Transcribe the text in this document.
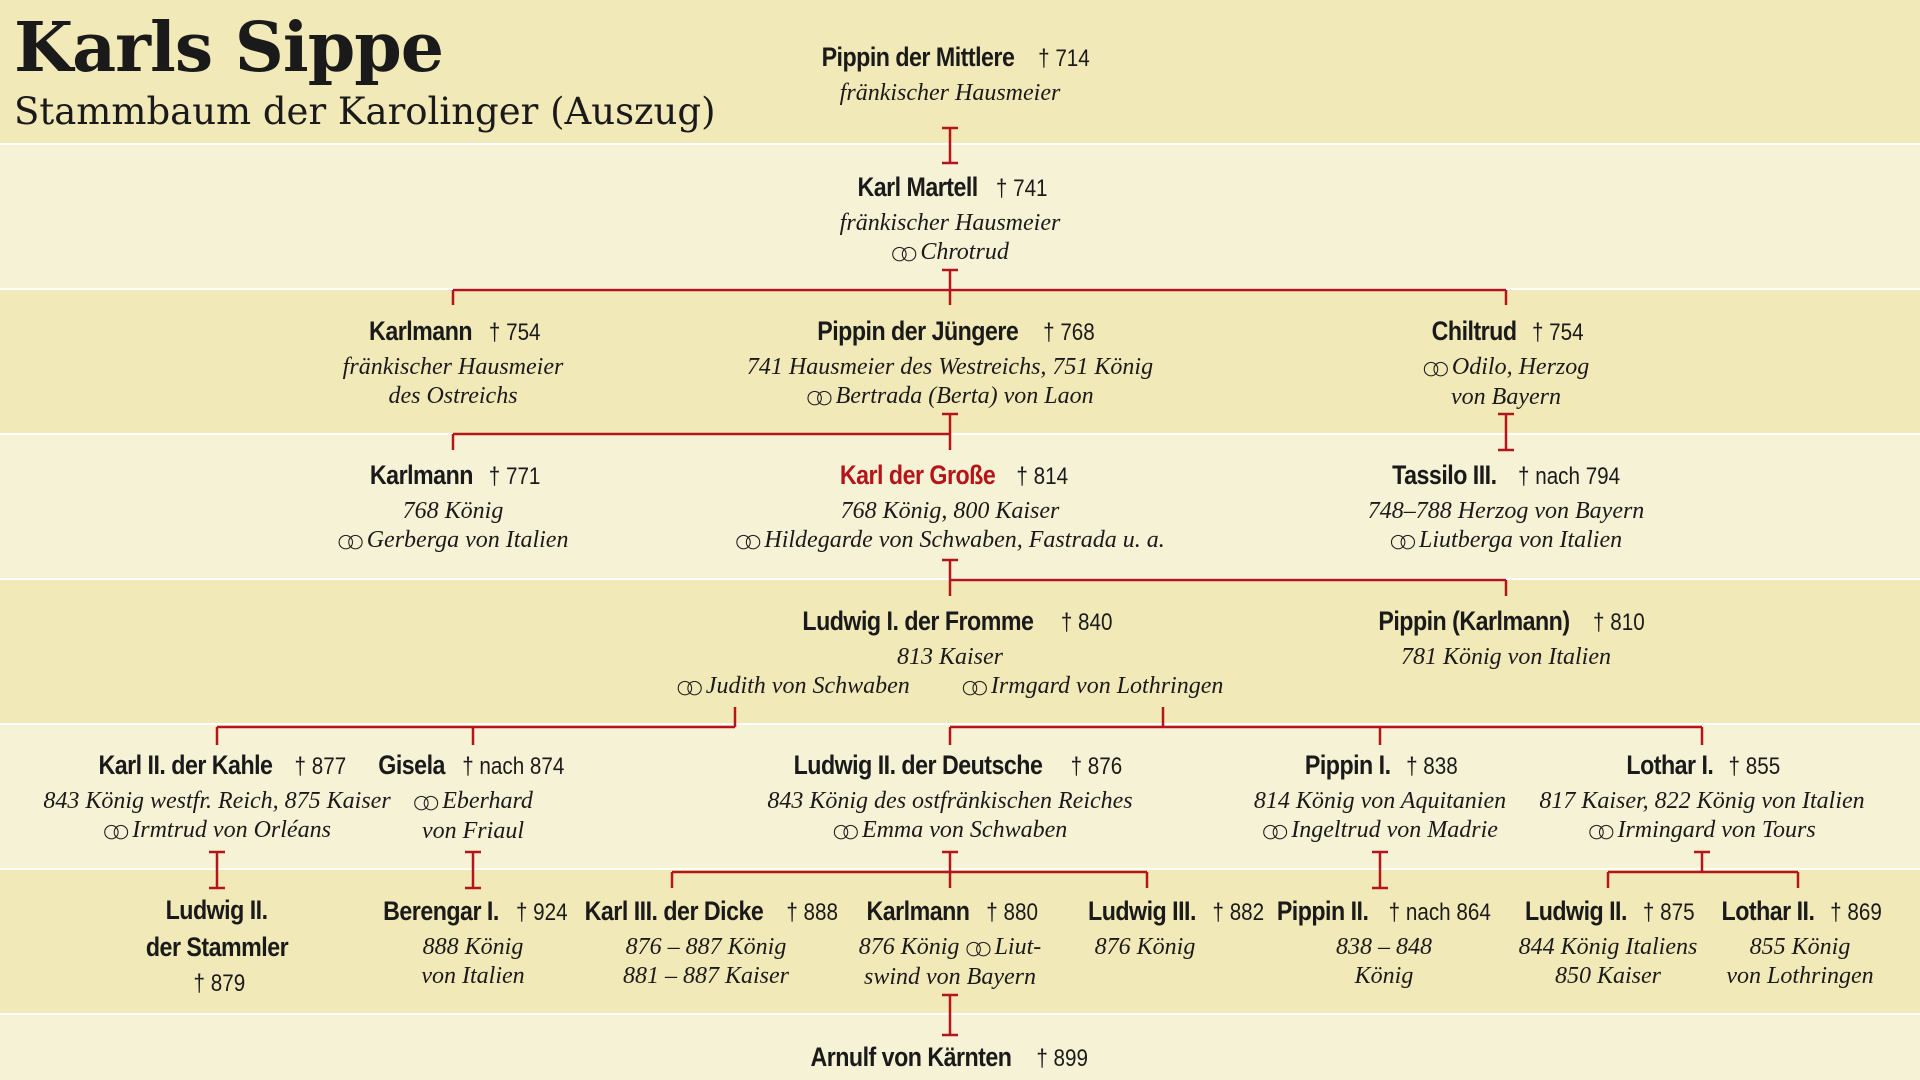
Karls Sippe
Stammbaum der Karolinger (Auszug)
Pippin der Mittlere † 714
fränkischer Hausmeier
Karl Martell † 741
fränkischer Hausmeier
○○ Chrotrud
Karlmann † 754
fränkischer Hausmeier
des Ostreichs
Pippin der Jüngere † 768
741 Hausmeier des Westreichs, 751 König
○○ Bertrada (Berta) von Laon
Chiltrud † 754
○○ Odilo, Herzog
von Bayern
Karlmann † 771
768 König
○○ Gerberga von Italien
Karl der Große † 814
768 König, 800 Kaiser
○○ Hildegarde von Schwaben, Fastrada u. a.
Tassilo III. † nach 794
748–788 Herzog von Bayern
○○ Liutberga von Italien
Ludwig I. der Fromme † 840
813 Kaiser
○○ Judith von Schwaben	○○ Irmgard von Lothringen
Pippin (Karlmann) † 810
781 König von Italien
Karl II. der Kahle † 877
843 König westfr. Reich, 875 Kaiser
○○ Irmtrud von Orléans
Gisela † nach 874
○○ Eberhard
von Friaul
Ludwig II. der Deutsche † 876
843 König des ostfränkischen Reiches
○○ Emma von Schwaben
Pippin I. † 838
814 König von Aquitanien
○○ Ingeltrud von Madrie
Lothar I. † 855
817 Kaiser, 822 König von Italien
○○ Irmingard von Tours
Ludwig II.
der Stammler
† 879
Berengar I. † 924
888 König
von Italien
Karl III. der Dicke † 888
876 – 887 König
881 – 887 Kaiser
Karlmann † 880
876 König ○○ Liut-
swind von Bayern
Ludwig III. † 882
876 König
Pippin II. † nach 864
838 – 848
König
Ludwig II. † 875
844 König Italiens
850 Kaiser
Lothar II. † 869
855 König
von Lothringen
Arnulf von Kärnten † 899
